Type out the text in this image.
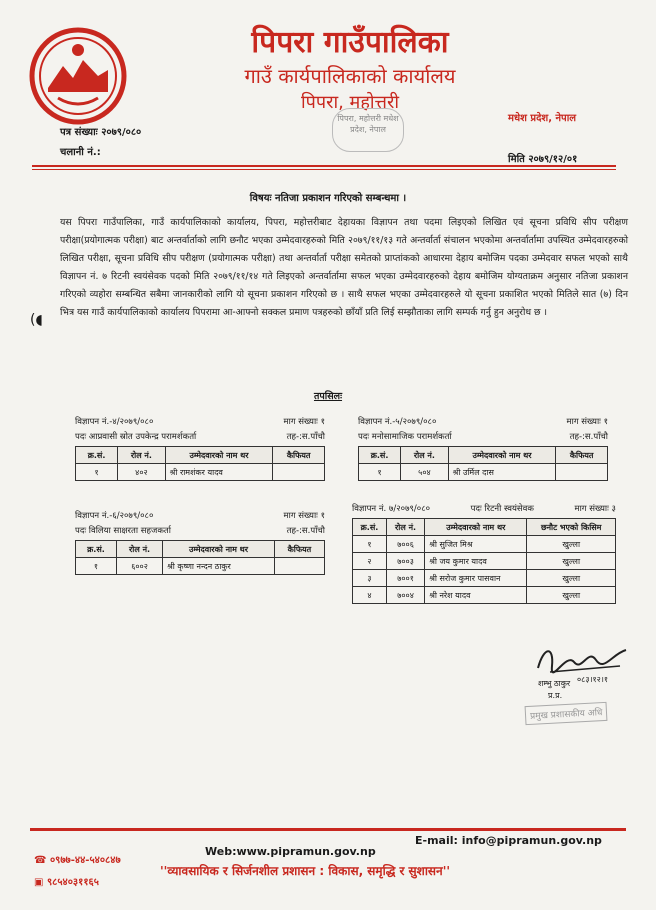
पिपरा गाउँपालिका
गाउँ कार्यपालिकाको कार्यालय
पिपरा, महोत्तरी
पिपरा, महोत्तरी मधेश प्रदेश, नेपाल
मधेश प्रदेश, नेपाल
पत्र संख्याः २०७९/०८०
चलानी नं.:
मिति २०७९/१२/०१
विषयः नतिजा प्रकाशन गरिएको सम्बन्धमा ।
(◖
यस पिपरा गाउँपालिका, गाउँ कार्यपालिकाको कार्यालय, पिपरा, महोत्तरीबाट देहायका विज्ञापन तथा पदमा लिइएको लिखित एवं सूचना प्रविधि सीप परीक्षण परीक्षा(प्रयोगात्मक परीक्षा) बाट अन्तर्वार्ताको लागि छनौट भएका उम्मेदवारहरुको मिति २०७९/११/१३ गते अन्तर्वार्ता संचालन भएकोमा अन्तर्वार्तामा उपस्थित उम्मेदवारहरुको लिखित परीक्षा, सूचना प्रविधि सीप परीक्षण (प्रयोगात्मक परीक्षा) तथा अन्तर्वार्ता परीक्षा समेतको प्राप्तांकको आधारमा देहाय बमोजिम पदका उम्मेदवार सफल भएको साथै विज्ञापन नं. ७ रिटनी स्वयंसेवक पदको मिति २०७९/११/१४ गते लिइएको अन्तर्वार्तामा सफल भएका उम्मेदवारहरुको देहाय बमोजिम योग्यताक्रम अनुसार नतिजा प्रकाशन गरिएको व्यहोरा सम्बन्धित सबैमा जानकारीको लागि यो सूचना प्रकाशन गरिएको छ । साथै सफल भएका उम्मेदवारहरुले यो सूचना प्रकाशित भएको मितिले सात (७) दिन भित्र यस गाउँ कार्यपालिकाको कार्यालय पिपरामा आ-आफ्नो सक्कल प्रमाण पत्रहरुको छाँयाँ प्रति लिई सम्झौताका लागि सम्पर्क गर्नु हुन अनुरोध छ ।
तपसिलः
विज्ञापन नं.-४/२०७९/०८०	माग संख्याः १
पदः आप्रवासी स्रोत उपकेन्द्र परामर्शकर्ता	तह-:स.पाँचौ
क्र.सं.	रोल नं.	उम्मेदवारको नाम थर	कैफियत
१	४०२	श्री रामशंकर यादव	
विज्ञापन नं.-५/२०७९/०८०	माग संख्याः १
पदः मनोसामाजिक परामर्शकर्ता	तह-:स.पाँचौ
क्र.सं.	रोल नं.	उम्मेदवारको नाम थर	कैफियत
१	५०४	श्री उर्मिल दास	
विज्ञापन नं.-६/२०७९/०८०	माग संख्याः १
पदः विलिया साक्षरता सहजकर्ता	तह-:स.पाँचौ
क्र.सं.	रोल नं.	उम्मेदवारको नाम थर	कैफियत
१	६००२	श्री कृष्णा नन्दन ठाकुर	
विज्ञापन नं. ७/२०७९/०८०	पदः रिटनी स्वयंसेवक	माग संख्याः ३
क्र.सं.	रोल नं.	उम्मेदवारको नाम थर	छनौट भएको किसिम
१	७००६	श्री सुजित मिश्र	खुल्ला
२	७००३	श्री जय कुमार यादव	खुल्ला
३	७००१	श्री सरोज कुमार पासवान	खुल्ला
४	७००४	श्री नरेश यादव	खुल्ला
शम्भु ठाकुर ०८३।१२।१
प्र.प्र.
प्रमुख प्रशासकीय अधि
E-mail: info@pipramun.gov.np
Web:www.pipramun.gov.np
☎ ०९७७-४४-५४०८४७
▣ ९८५४०३११६५
''व्यावसायिक र सिर्जनशील प्रशासन : विकास, समृद्धि र सुशासन''
